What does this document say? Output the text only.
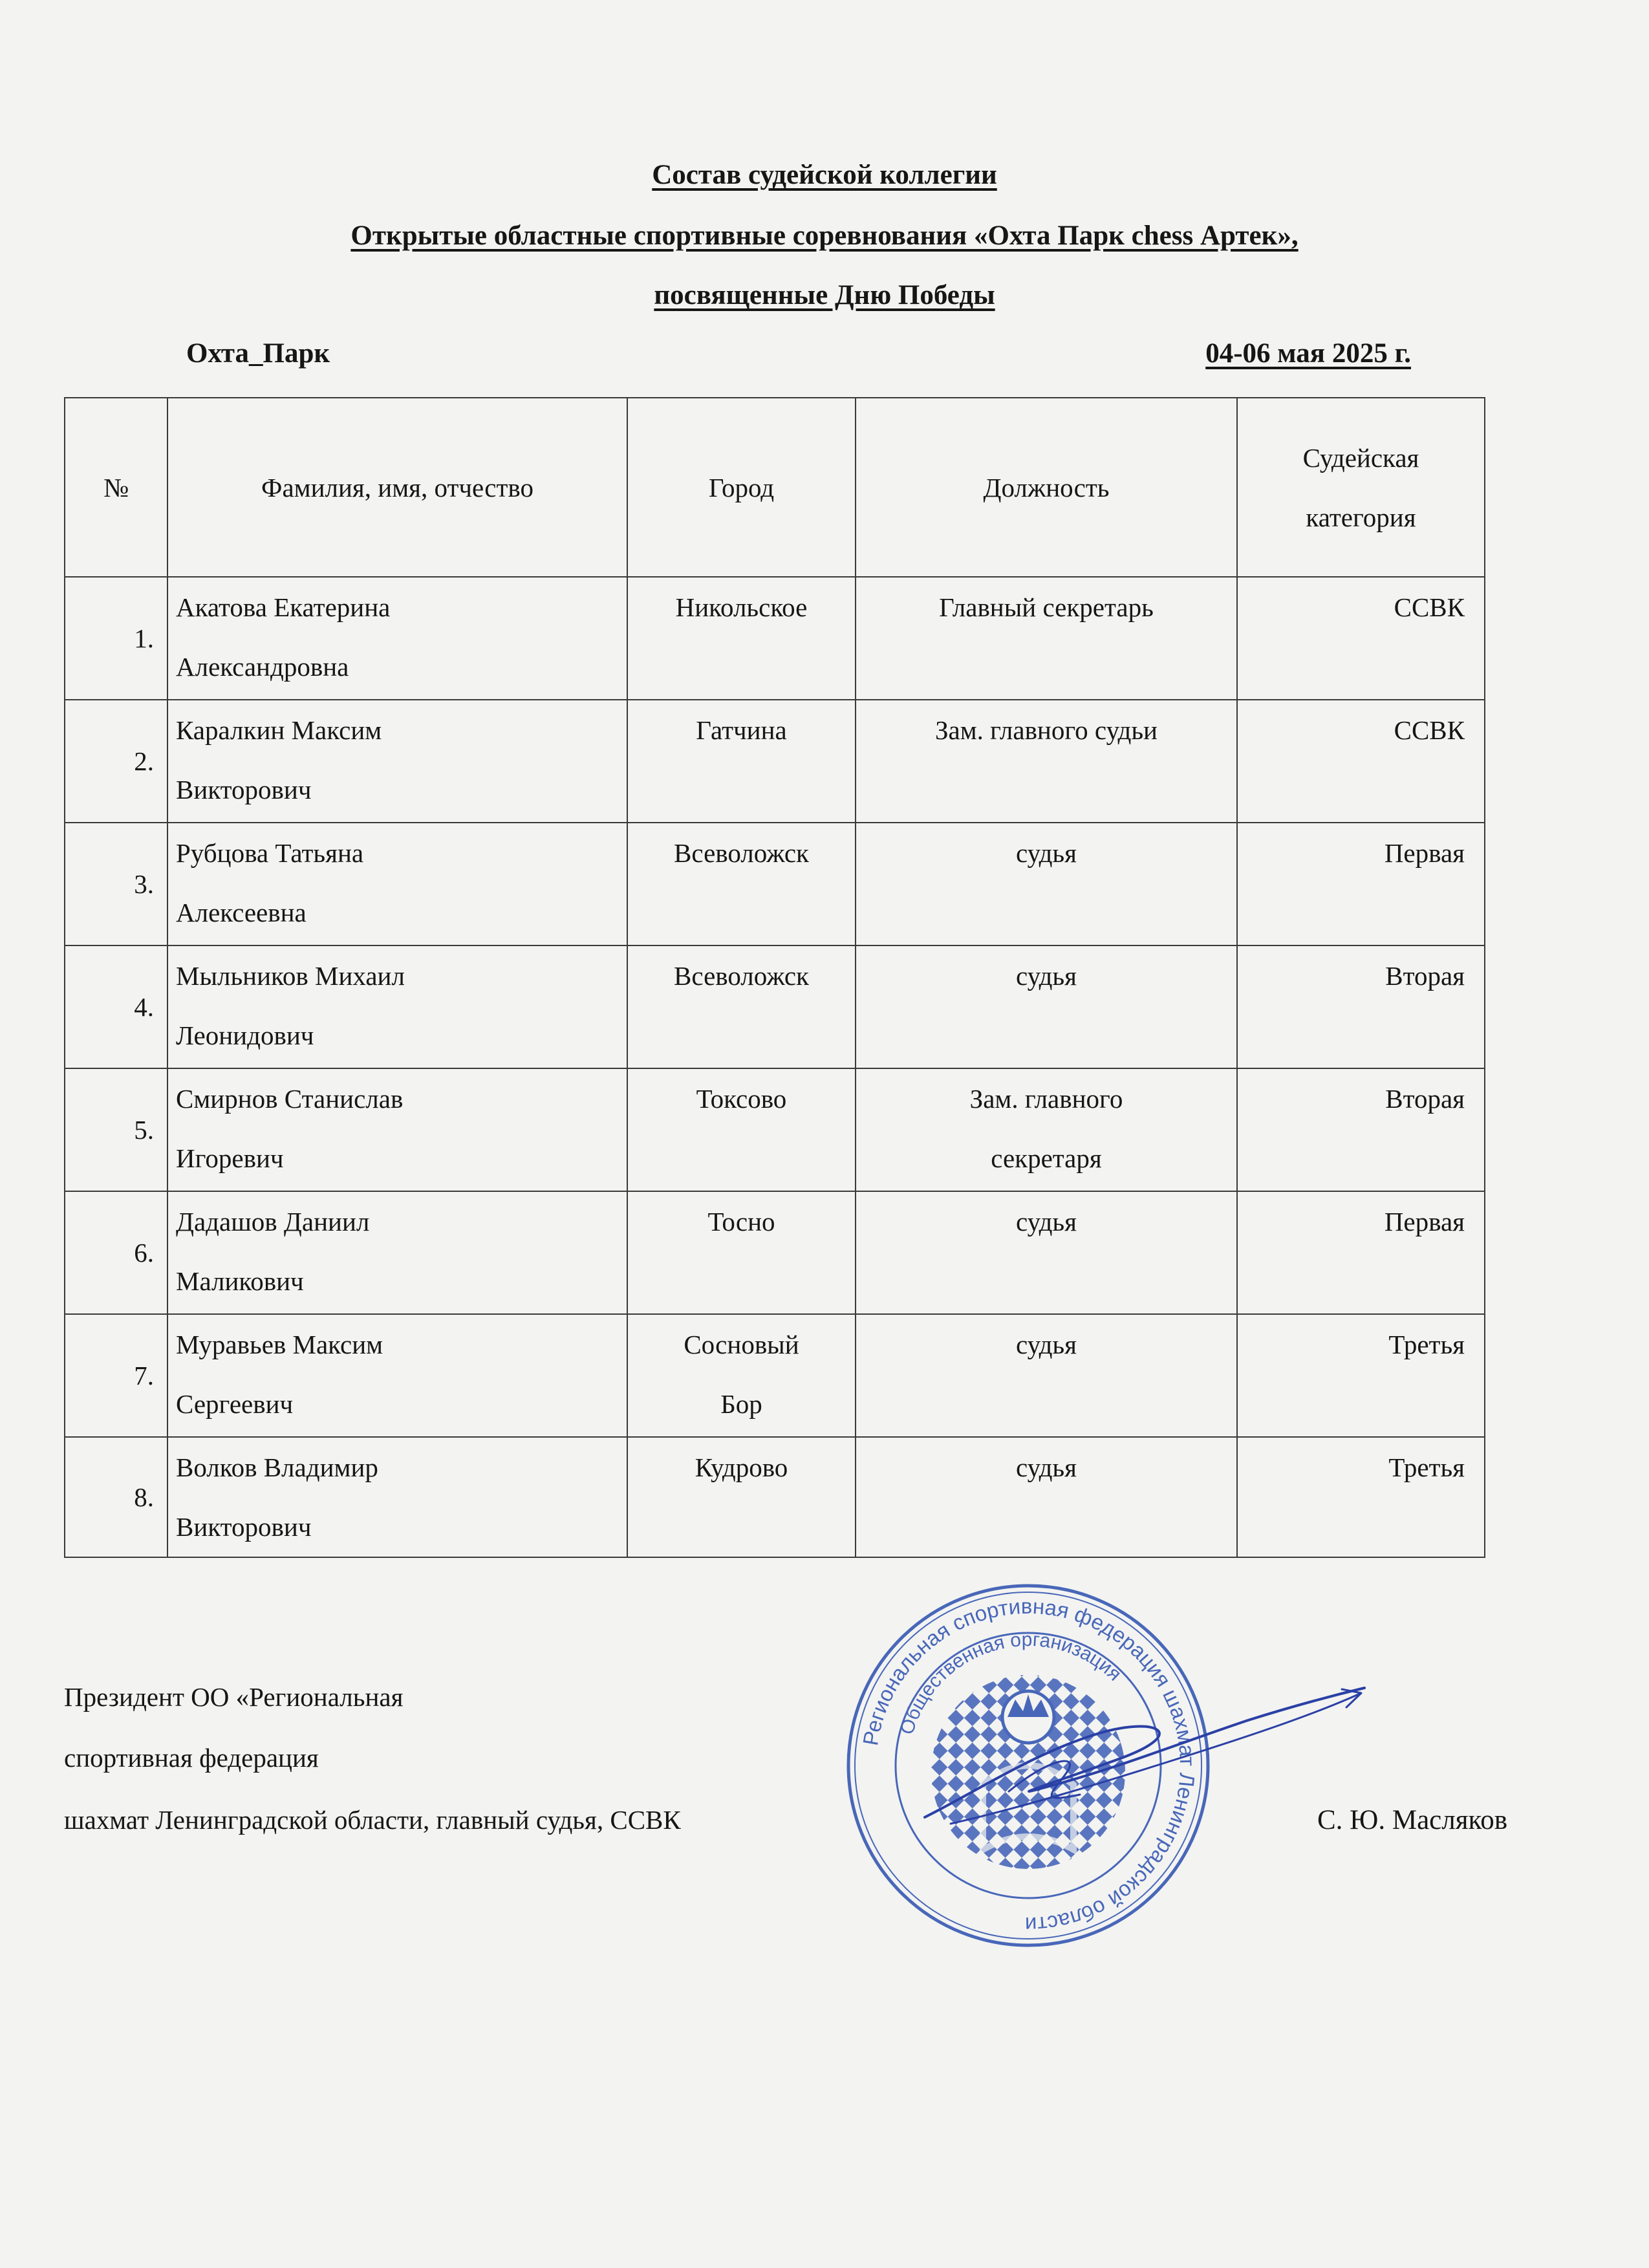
Состав судейской коллегии
Открытые областные спортивные соревнования «Охта Парк chess Артек»,
посвященные Дню Победы
Охта_Парк	04-06 мая 2025 г.
№	Фамилия, имя, отчество	Город	Должность	Судейская
категория

1.	Акатова Екатерина
Александровна	Никольское	Главный секретарь	ССВК
2.	Каралкин Максим
Викторович	Гатчина	Зам. главного судьи	ССВК
3.	Рубцова Татьяна
Алексеевна	Всеволожск	судья	Первая
4.	Мыльников Михаил
Леонидович	Всеволожск	судья	Вторая
5.	Смирнов Станислав
Игоревич	Токсово	Зам. главного
секретаря	Вторая
6.	Дадашов Даниил
Маликович	Тосно	судья	Первая
7.	Муравьев Максим
Сергеевич	Сосновый
Бор	судья	Третья
8.	Волков Владимир
Викторович	Кудрово	судья	Третья
Президент ОО «Региональная
спортивная федерация
шахмат Ленинградской области, главный судья, ССВК	С. Ю. Масляков
Региональная спортивная федерация шахмат Ленинградской области
Общественная организация
